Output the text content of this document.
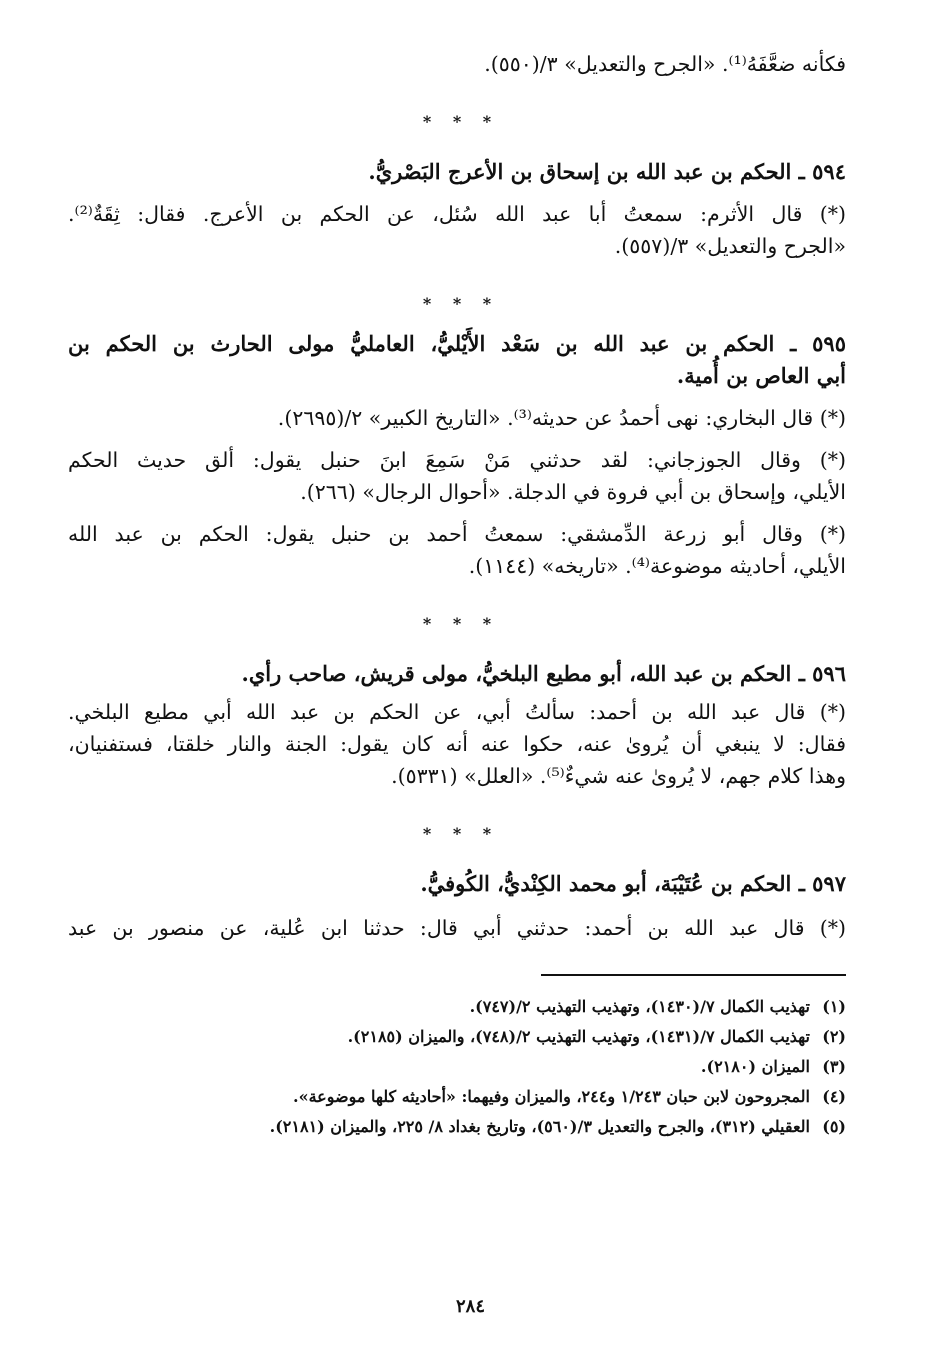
فكأنه ضعَّفَهُ⁽¹⁾. «الجرح والتعديل» ٣/(٥٥٠).
* * *
٥٩٤ ـ الحكم بن عبد الله بن إسحاق بن الأعرج البَصْريُّ.
(*) قال الأثرم: سمعتُ أبا عبد الله سُئل، عن الحكم بن الأعرج. فقال: ثِقَةٌ⁽²⁾.
«الجرح والتعديل» ٣/(٥٥٧).
* * *
٥٩٥ ـ الحكم بن عبد الله بن سَعْد الأَيْليُّ، العامليُّ مولى الحارث بن الحكم بن
أبي العاص بن أُمية.
(*) قال البخاري: نهى أحمدُ عن حديثه⁽³⁾. «التاريخ الكبير» ٢/(٢٦٩٥).
(*) وقال الجوزجاني: لقد حدثني مَنْ سَمِعَ ابنَ حنبل يقول: ألق حديث الحكم
الأيلي، وإسحاق بن أبي فروة في الدجلة. «أحوال الرجال» (٢٦٦).
(*) وقال أبو زرعة الدِّمشقي: سمعتُ أحمد بن حنبل يقول: الحكم بن عبد الله
الأيلي، أحاديثه موضوعة⁽⁴⁾. «تاريخه» (١١٤٤).
* * *
٥٩٦ ـ الحكم بن عبد الله، أبو مطيع البلخيُّ، مولى قريش، صاحب رأي.
(*) قال عبد الله بن أحمد: سألتُ أبي، عن الحكم بن عبد الله أبي مطيع البلخي.
فقال: لا ينبغي أن يُروىٰ عنه، حكوا عنه أنه كان يقول: الجنة والنار خلقتا، فستفنيان،
وهذا كلام جهم، لا يُروىٰ عنه شيءٌ⁽⁵⁾. «العلل» (٥٣٣١).
* * *
٥٩٧ ـ الحكم بن عُتَيْبَة، أبو محمد الكِنْديُّ، الكُوفيُّ.
(*) قال عبد الله بن أحمد: حدثني أبي قال: حدثنا ابن عُلية، عن منصور بن عبد
(١)تهذيب الكمال ٧/(١٤٣٠)، وتهذيب التهذيب ٢/(٧٤٧).
(٢)تهذيب الكمال ٧/(١٤٣١)، وتهذيب التهذيب ٢/(٧٤٨)، والميزان (٢١٨٥).
(٣)الميزان (٢١٨٠).
(٤)المجروحون لابن حبان ١/٢٤٣ و٢٤٤، والميزان وفيهما: «أحاديثه كلها موضوعة».
(٥)العقيلي (٣١٢)، والجرح والتعديل ٣/(٥٦٠)، وتاريخ بغداد ٨/ ٢٢٥، والميزان (٢١٨١).
٢٨٤
